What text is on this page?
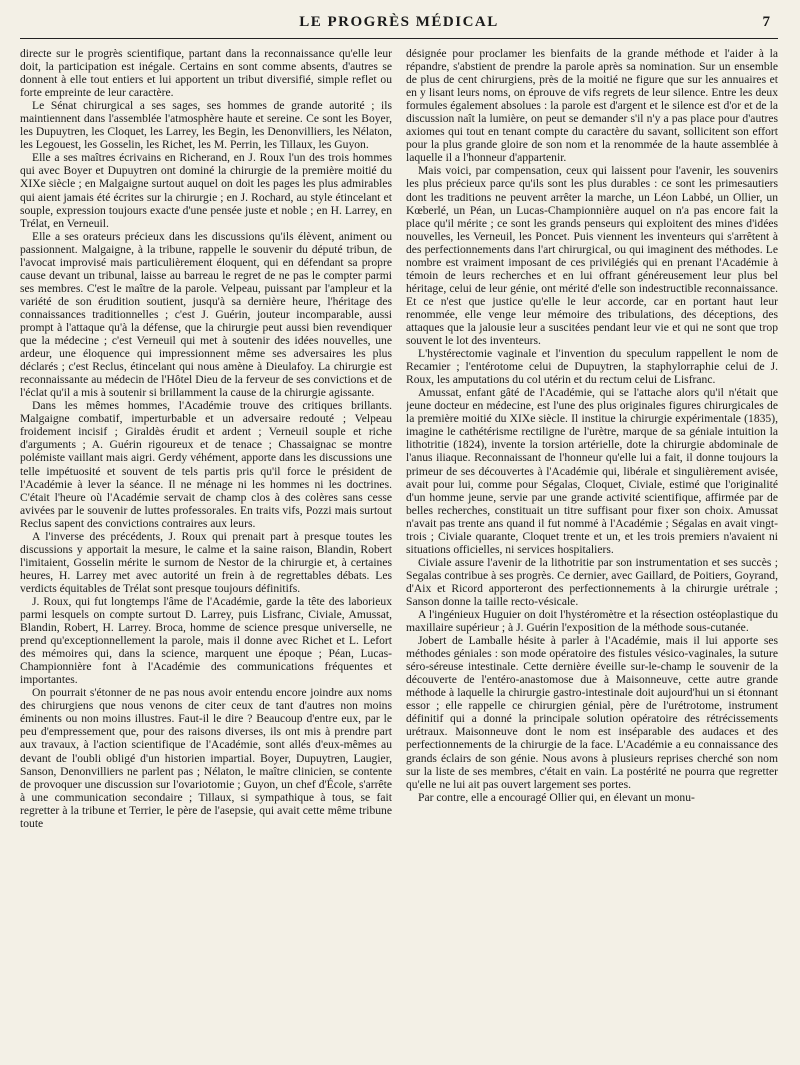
LE PROGRÈS MÉDICAL	7

directe sur le progrès scientifique, partant dans la reconnaissance qu'elle leur doit, la participation est inégale. Certains en sont comme absents, d'autres se donnent à elle tout entiers et lui apportent un tribut diversifié, simple reflet ou forte empreinte de leur caractère.

Le Sénat chirurgical a ses sages, ses hommes de grande autorité ; ils maintiennent dans l'assemblée l'atmosphère haute et sereine. Ce sont les Boyer, les Dupuytren, les Cloquet, les Larrey, les Begin, les Denonvilliers, les Nélaton, les Legouest, les Gosselin, les Richet, les M. Perrin, les Tillaux, les Guyon.

Elle a ses maîtres écrivains en Richerand, en J. Roux l'un des trois hommes qui avec Boyer et Dupuytren ont dominé la chirurgie de la première moitié du XIXe siècle ; en Malgaigne surtout auquel on doit les pages les plus admirables qui aient jamais été écrites sur la chirurgie ; en J. Rochard, au style étincelant et souple, expression toujours exacte d'une pensée juste et noble ; en H. Larrey, en Trélat, en Verneuil.

Elle a ses orateurs précieux dans les discussions qu'ils élèvent, animent ou passionnent. Malgaigne, à la tribune, rappelle le souvenir du député tribun, de l'avocat improvisé mais particulièrement éloquent, qui en défendant sa propre cause devant un tribunal, laisse au barreau le regret de ne pas le compter parmi ses membres. C'est le maître de la parole. Velpeau, puissant par l'ampleur et la variété de son érudition soutient, jusqu'à sa dernière heure, l'héritage des connaissances traditionnelles ; c'est J. Guérin, jouteur incomparable, aussi prompt à l'attaque qu'à la défense, que la chirurgie peut aussi bien revendiquer que la médecine ; c'est Verneuil qui met à soutenir des idées nouvelles, une ardeur, une éloquence qui impressionnent même ses adversaires les plus déclarés ; c'est Reclus, étincelant qui nous amène à Dieulafoy. La chirurgie est reconnaissante au médecin de l'Hôtel Dieu de la ferveur de ses convictions et de l'éclat qu'il a mis à soutenir si brillamment la cause de la chirurgie agissante.

Dans les mêmes hommes, l'Académie trouve des critiques brillants. Malgaigne combatif, imperturbable et un adversaire redouté ; Velpeau froidement incisif ; Giraldès érudit et ardent ; Verneuil souple et riche d'arguments ; A. Guérin rigoureux et de tenace ; Chassaignac se montre polémiste vaillant mais aigri. Gerdy véhément, apporte dans les discussions une telle impétuosité et souvent de tels partis pris qu'il force le président de l'Académie à lever la séance. Il ne ménage ni les hommes ni les doctrines. C'était l'heure où l'Académie servait de champ clos à des colères sans cesse avivées par le souvenir de luttes professorales. En traits vifs, Pozzi mais surtout Reclus sapent des convictions contraires aux leurs.

A l'inverse des précédents, J. Roux qui prenait part à presque toutes les discussions y apportait la mesure, le calme et la saine raison, Blandin, Robert l'imitaient, Gosselin mérite le surnom de Nestor de la chirurgie et, à certaines heures, H. Larrey met avec autorité un frein à de regrettables débats. Les verdicts équitables de Trélat sont presque toujours définitifs.

J. Roux, qui fut longtemps l'âme de l'Académie, garde la tête des laborieux parmi lesquels on compte surtout D. Larrey, puis Lisfranc, Civiale, Amussat, Blandin, Robert, H. Larrey. Broca, homme de science presque universelle, ne prend qu'exceptionnellement la parole, mais il donne avec Richet et L. Lefort des mémoires qui, dans la science, marquent une époque ; Péan, Lucas-Championnière font à l'Académie des communications fréquentes et importantes.

On pourrait s'étonner de ne pas nous avoir entendu encore joindre aux noms des chirurgiens que nous venons de citer ceux de tant d'autres non moins éminents ou non moins illustres. Faut-il le dire ? Beaucoup d'entre eux, par le peu d'empressement que, pour des raisons diverses, ils ont mis à prendre part aux travaux, à l'action scientifique de l'Académie, sont allés d'eux-mêmes au devant de l'oubli obligé d'un historien impartial. Boyer, Dupuytren, Laugier, Sanson, Denonvilliers ne parlent pas ; Nélaton, le maître clinicien, se contente de provoquer une discussion sur l'ovariotomie ; Guyon, un chef d'École, s'arrête à une communication secondaire ; Tillaux, si sympathique à tous, se fait regretter à la tribune et Terrier, le père de l'asepsie, qui avait cette même tribune toute

désignée pour proclamer les bienfaits de la grande méthode et l'aider à la répandre, s'abstient de prendre la parole après sa nomination. Sur un ensemble de plus de cent chirurgiens, près de la moitié ne figure que sur les annuaires et en y lisant leurs noms, on éprouve de vifs regrets de leur silence. Entre les deux formules également absolues : la parole est d'argent et le silence est d'or et de la discussion naît la lumière, on peut se demander s'il n'y a pas place pour d'autres axiomes qui tout en tenant compte du caractère du savant, sollicitent son effort pour la plus grande gloire de son nom et la renommée de la haute assemblée à laquelle il a l'honneur d'appartenir.

Mais voici, par compensation, ceux qui laissent pour l'avenir, les souvenirs les plus précieux parce qu'ils sont les plus durables : ce sont les primesautiers dont les traditions ne peuvent arrêter la marche, un Léon Labbé, un Ollier, un Kœberlé, un Péan, un Lucas-Championnière auquel on n'a pas encore fait la place qu'il mérite ; ce sont les grands penseurs qui exploitent des mines d'idées nouvelles, les Verneuil, les Poncet. Puis viennent les inventeurs qui s'arrêtent à des perfectionnements dans l'art chirurgical, ou qui imaginent des méthodes. Le nombre est vraiment imposant de ces privilégiés qui en prenant l'Académie à témoin de leurs recherches et en lui offrant généreusement leur plus bel héritage, celui de leur génie, ont mérité d'elle son indestructible reconnaissance. Et ce n'est que justice qu'elle le leur accorde, car en portant haut leur renommée, elle venge leur mémoire des tribulations, des déceptions, des attaques que la jalousie leur a suscitées pendant leur vie et qui ne sont que trop souvent le lot des inventeurs.

L'hystérectomie vaginale et l'invention du speculum rappellent le nom de Recamier ; l'entérotome celui de Dupuytren, la staphylorraphie celui de J. Roux, les amputations du col utérin et du rectum celui de Lisfranc.

Amussat, enfant gâté de l'Académie, qui se l'attache alors qu'il n'était que jeune docteur en médecine, est l'une des plus originales figures chirurgicales de la première moitié du XIXe siècle. Il institue la chirurgie expérimentale (1835), imagine le cathétérisme rectiligne de l'urètre, marque de sa géniale intuition la lithotritie (1824), invente la torsion artérielle, dote la chirurgie abdominale de l'anus iliaque. Reconnaissant de l'honneur qu'elle lui a fait, il donne toujours la primeur de ses découvertes à l'Académie qui, libérale et singulièrement avisée, avait pour lui, comme pour Ségalas, Cloquet, Civiale, estimé que l'originalité d'un homme jeune, servie par une grande activité scientifique, affirmée par de belles recherches, constituait un titre suffisant pour fixer son choix. Amussat n'avait pas trente ans quand il fut nommé à l'Académie ; Ségalas en avait vingt-trois ; Civiale quarante, Cloquet trente et un, et les trois premiers n'avaient ni situations officielles, ni services hospitaliers.

Civiale assure l'avenir de la lithotritie par son instrumentation et ses succès ; Segalas contribue à ses progrès. Ce dernier, avec Gaillard, de Poitiers, Goyrand, d'Aix et Ricord apporteront des perfectionnements à la chirurgie urétrale ; Sanson donne la taille recto-vésicale.

A l'ingénieux Huguier on doit l'hystéromètre et la résection ostéoplastique du maxillaire supérieur ; à J. Guérin l'exposition de la méthode sous-cutanée.

Jobert de Lamballe hésite à parler à l'Académie, mais il lui apporte ses méthodes géniales : son mode opératoire des fistules vésico-vaginales, la suture séro-séreuse intestinale. Cette dernière éveille sur-le-champ le souvenir de la découverte de l'entéro-anastomose due à Maisonneuve, cette autre grande méthode à laquelle la chirurgie gastro-intestinale doit aujourd'hui un si étonnant essor ; elle rappelle ce chirurgien génial, père de l'urétrotome, instrument définitif qui a donné la principale solution opératoire des rétrécissements urétraux. Maisonneuve dont le nom est inséparable des audaces et des perfectionnements de la chirurgie de la face. L'Académie a eu connaissance des grands éclairs de son génie. Nous avons à plusieurs reprises cherché son nom sur la liste de ses membres, c'était en vain. La postérité ne pourra que regretter qu'elle ne lui ait pas ouvert largement ses portes.

Par contre, elle a encouragé Ollier qui, en élevant un monu-
